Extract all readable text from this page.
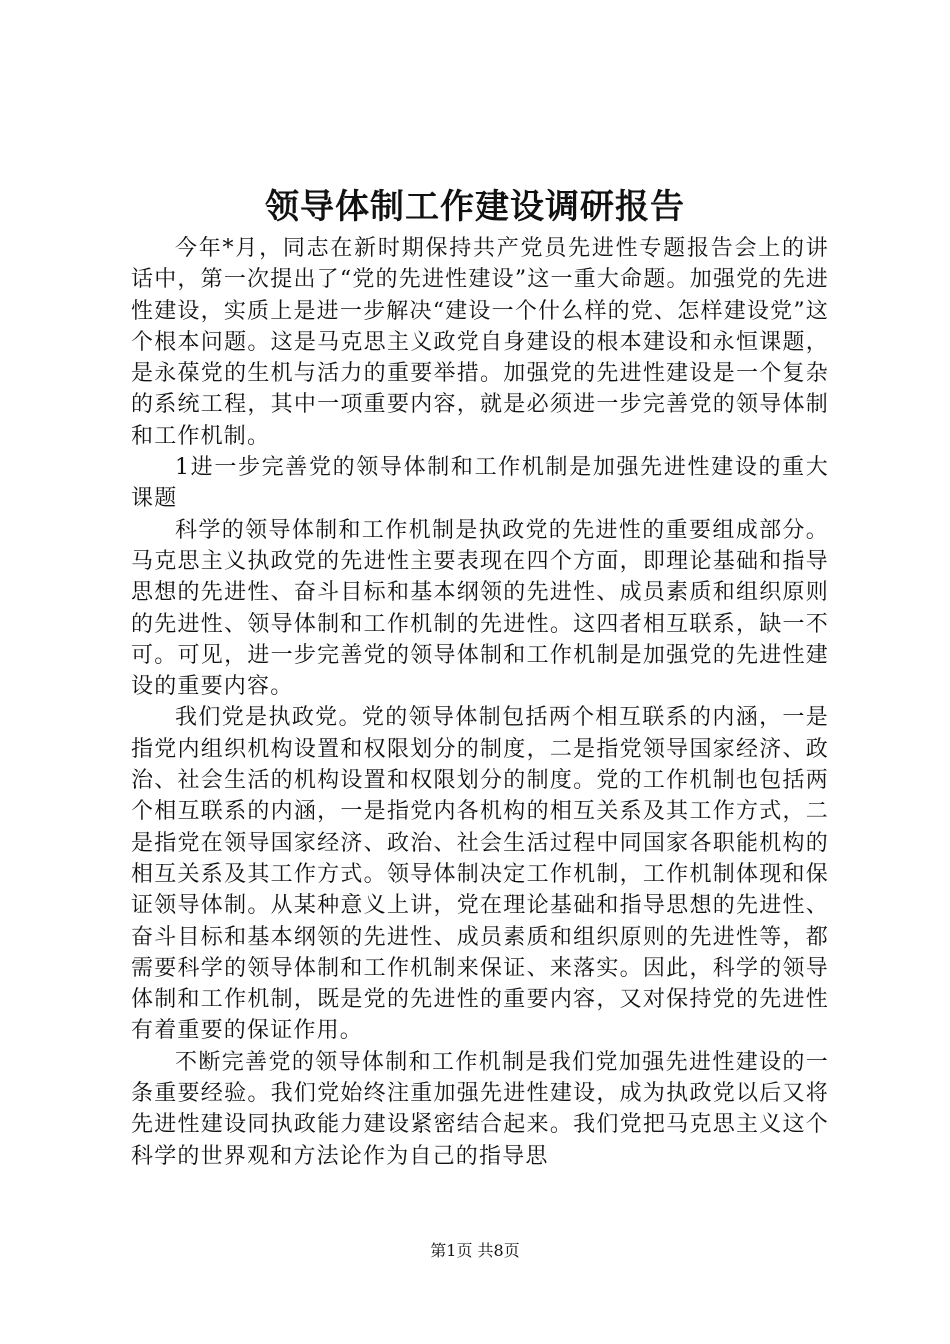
领导体制工作建设调研报告

今年*月，同志在新时期保持共产党员先进性专题报告会上的讲话中，第一次提出了“党的先进性建设”这一重大命题。加强党的先进性建设，实质上是进一步解决“建设一个什么样的党、怎样建设党”这个根本问题。这是马克思主义政党自身建设的根本建设和永恒课题，是永葆党的生机与活力的重要举措。加强党的先进性建设是一个复杂的系统工程，其中一项重要内容，就是必须进一步完善党的领导体制和工作机制。

1进一步完善党的领导体制和工作机制是加强先进性建设的重大课题

科学的领导体制和工作机制是执政党的先进性的重要组成部分。马克思主义执政党的先进性主要表现在四个方面，即理论基础和指导思想的先进性、奋斗目标和基本纲领的先进性、成员素质和组织原则的先进性、领导体制和工作机制的先进性。这四者相互联系，缺一不可。可见，进一步完善党的领导体制和工作机制是加强党的先进性建设的重要内容。

我们党是执政党。党的领导体制包括两个相互联系的内涵，一是指党内组织机构设置和权限划分的制度，二是指党领导国家经济、政治、社会生活的机构设置和权限划分的制度。党的工作机制也包括两个相互联系的内涵，一是指党内各机构的相互关系及其工作方式，二是指党在领导国家经济、政治、社会生活过程中同国家各职能机构的相互关系及其工作方式。领导体制决定工作机制，工作机制体现和保证领导体制。从某种意义上讲，党在理论基础和指导思想的先进性、奋斗目标和基本纲领的先进性、成员素质和组织原则的先进性等，都需要科学的领导体制和工作机制来保证、来落实。因此，科学的领导体制和工作机制，既是党的先进性的重要内容，又对保持党的先进性有着重要的保证作用。

不断完善党的领导体制和工作机制是我们党加强先进性建设的一条重要经验。我们党始终注重加强先进性建设，成为执政党以后又将先进性建设同执政能力建设紧密结合起来。我们党把马克思主义这个科学的世界观和方法论作为自己的指导思

第1页 共8页
